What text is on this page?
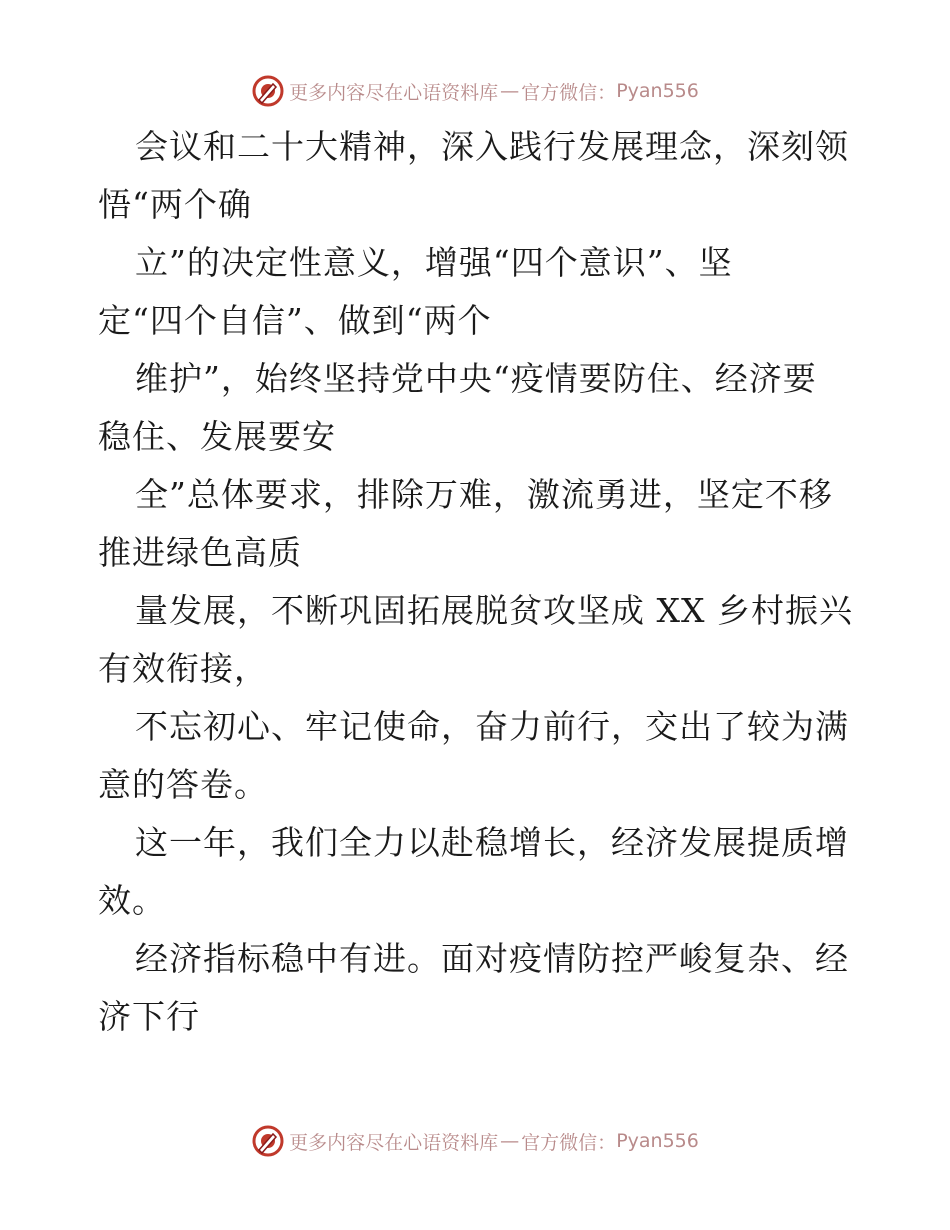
更多内容尽在心语资料库 — 官方微信： Pyan556

会议和二十大精神，深入践行发展理念，深刻领
悟“两个确

立”的决定性意义，增强“四个意识”、坚
定“四个自信”、做到“两个

维护”，始终坚持党中央“疫情要防住、经济要
稳住、发展要安

全”总体要求，排除万难，激流勇进，坚定不移
推进绿色高质

量发展，不断巩固拓展脱贫攻坚成 XX 乡村振兴
有效衔接，

不忘初心、牢记使命，奋力前行，交出了较为满
意的答卷。

这一年，我们全力以赴稳增长，经济发展提质增
效。

经济指标稳中有进。面对疫情防控严峻复杂、经
济下行

更多内容尽在心语资料库 — 官方微信： Pyan556
